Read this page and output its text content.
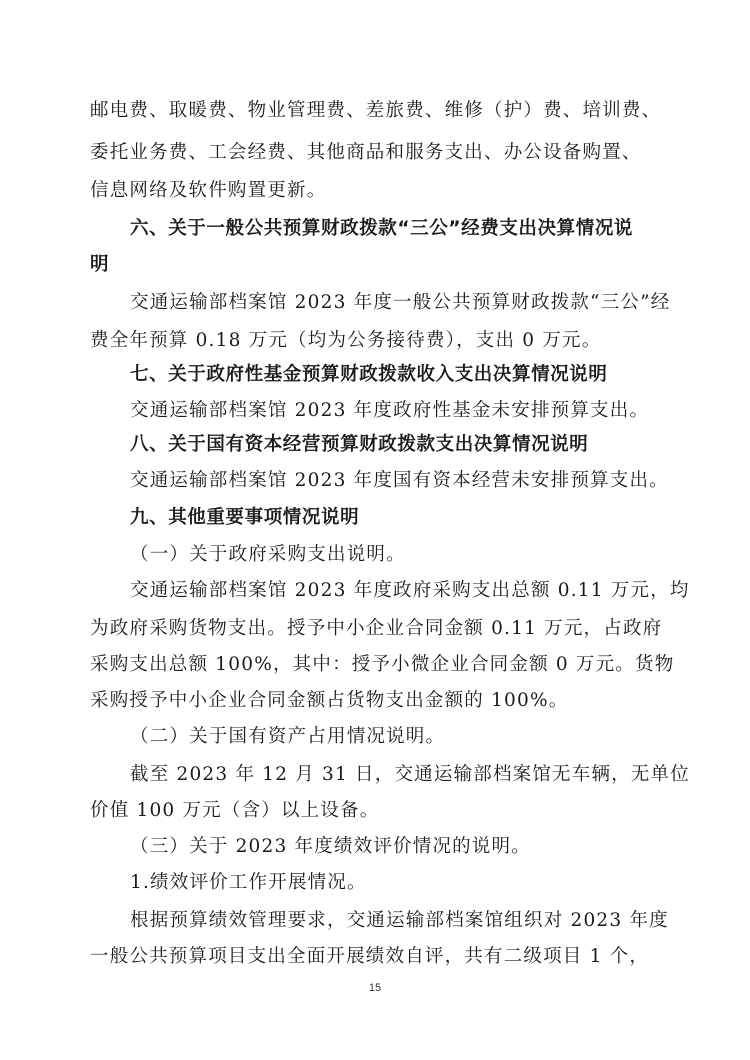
邮电费、取暖费、物业管理费、差旅费、维修（护）费、培训费、
委托业务费、工会经费、其他商品和服务支出、办公设备购置、
信息网络及软件购置更新。
六、关于一般公共预算财政拨款“三公”经费支出决算情况说
明
交通运输部档案馆 2023 年度一般公共预算财政拨款“三公”经
费全年预算 0.18 万元（均为公务接待费），支出 0 万元。
七、关于政府性基金预算财政拨款收入支出决算情况说明
交通运输部档案馆 2023 年度政府性基金未安排预算支出。
八、关于国有资本经营预算财政拨款支出决算情况说明
交通运输部档案馆 2023 年度国有资本经营未安排预算支出。
九、其他重要事项情况说明
（一）关于政府采购支出说明。
交通运输部档案馆 2023 年度政府采购支出总额 0.11 万元，均
为政府采购货物支出。授予中小企业合同金额 0.11 万元，占政府
采购支出总额 100%，其中：授予小微企业合同金额 0 万元。货物
采购授予中小企业合同金额占货物支出金额的 100%。
（二）关于国有资产占用情况说明。
截至 2023 年 12 月 31 日，交通运输部档案馆无车辆，无单位
价值 100 万元（含）以上设备。
（三）关于 2023 年度绩效评价情况的说明。
1.绩效评价工作开展情况。
根据预算绩效管理要求，交通运输部档案馆组织对 2023 年度
一般公共预算项目支出全面开展绩效自评，共有二级项目 1 个，
15
